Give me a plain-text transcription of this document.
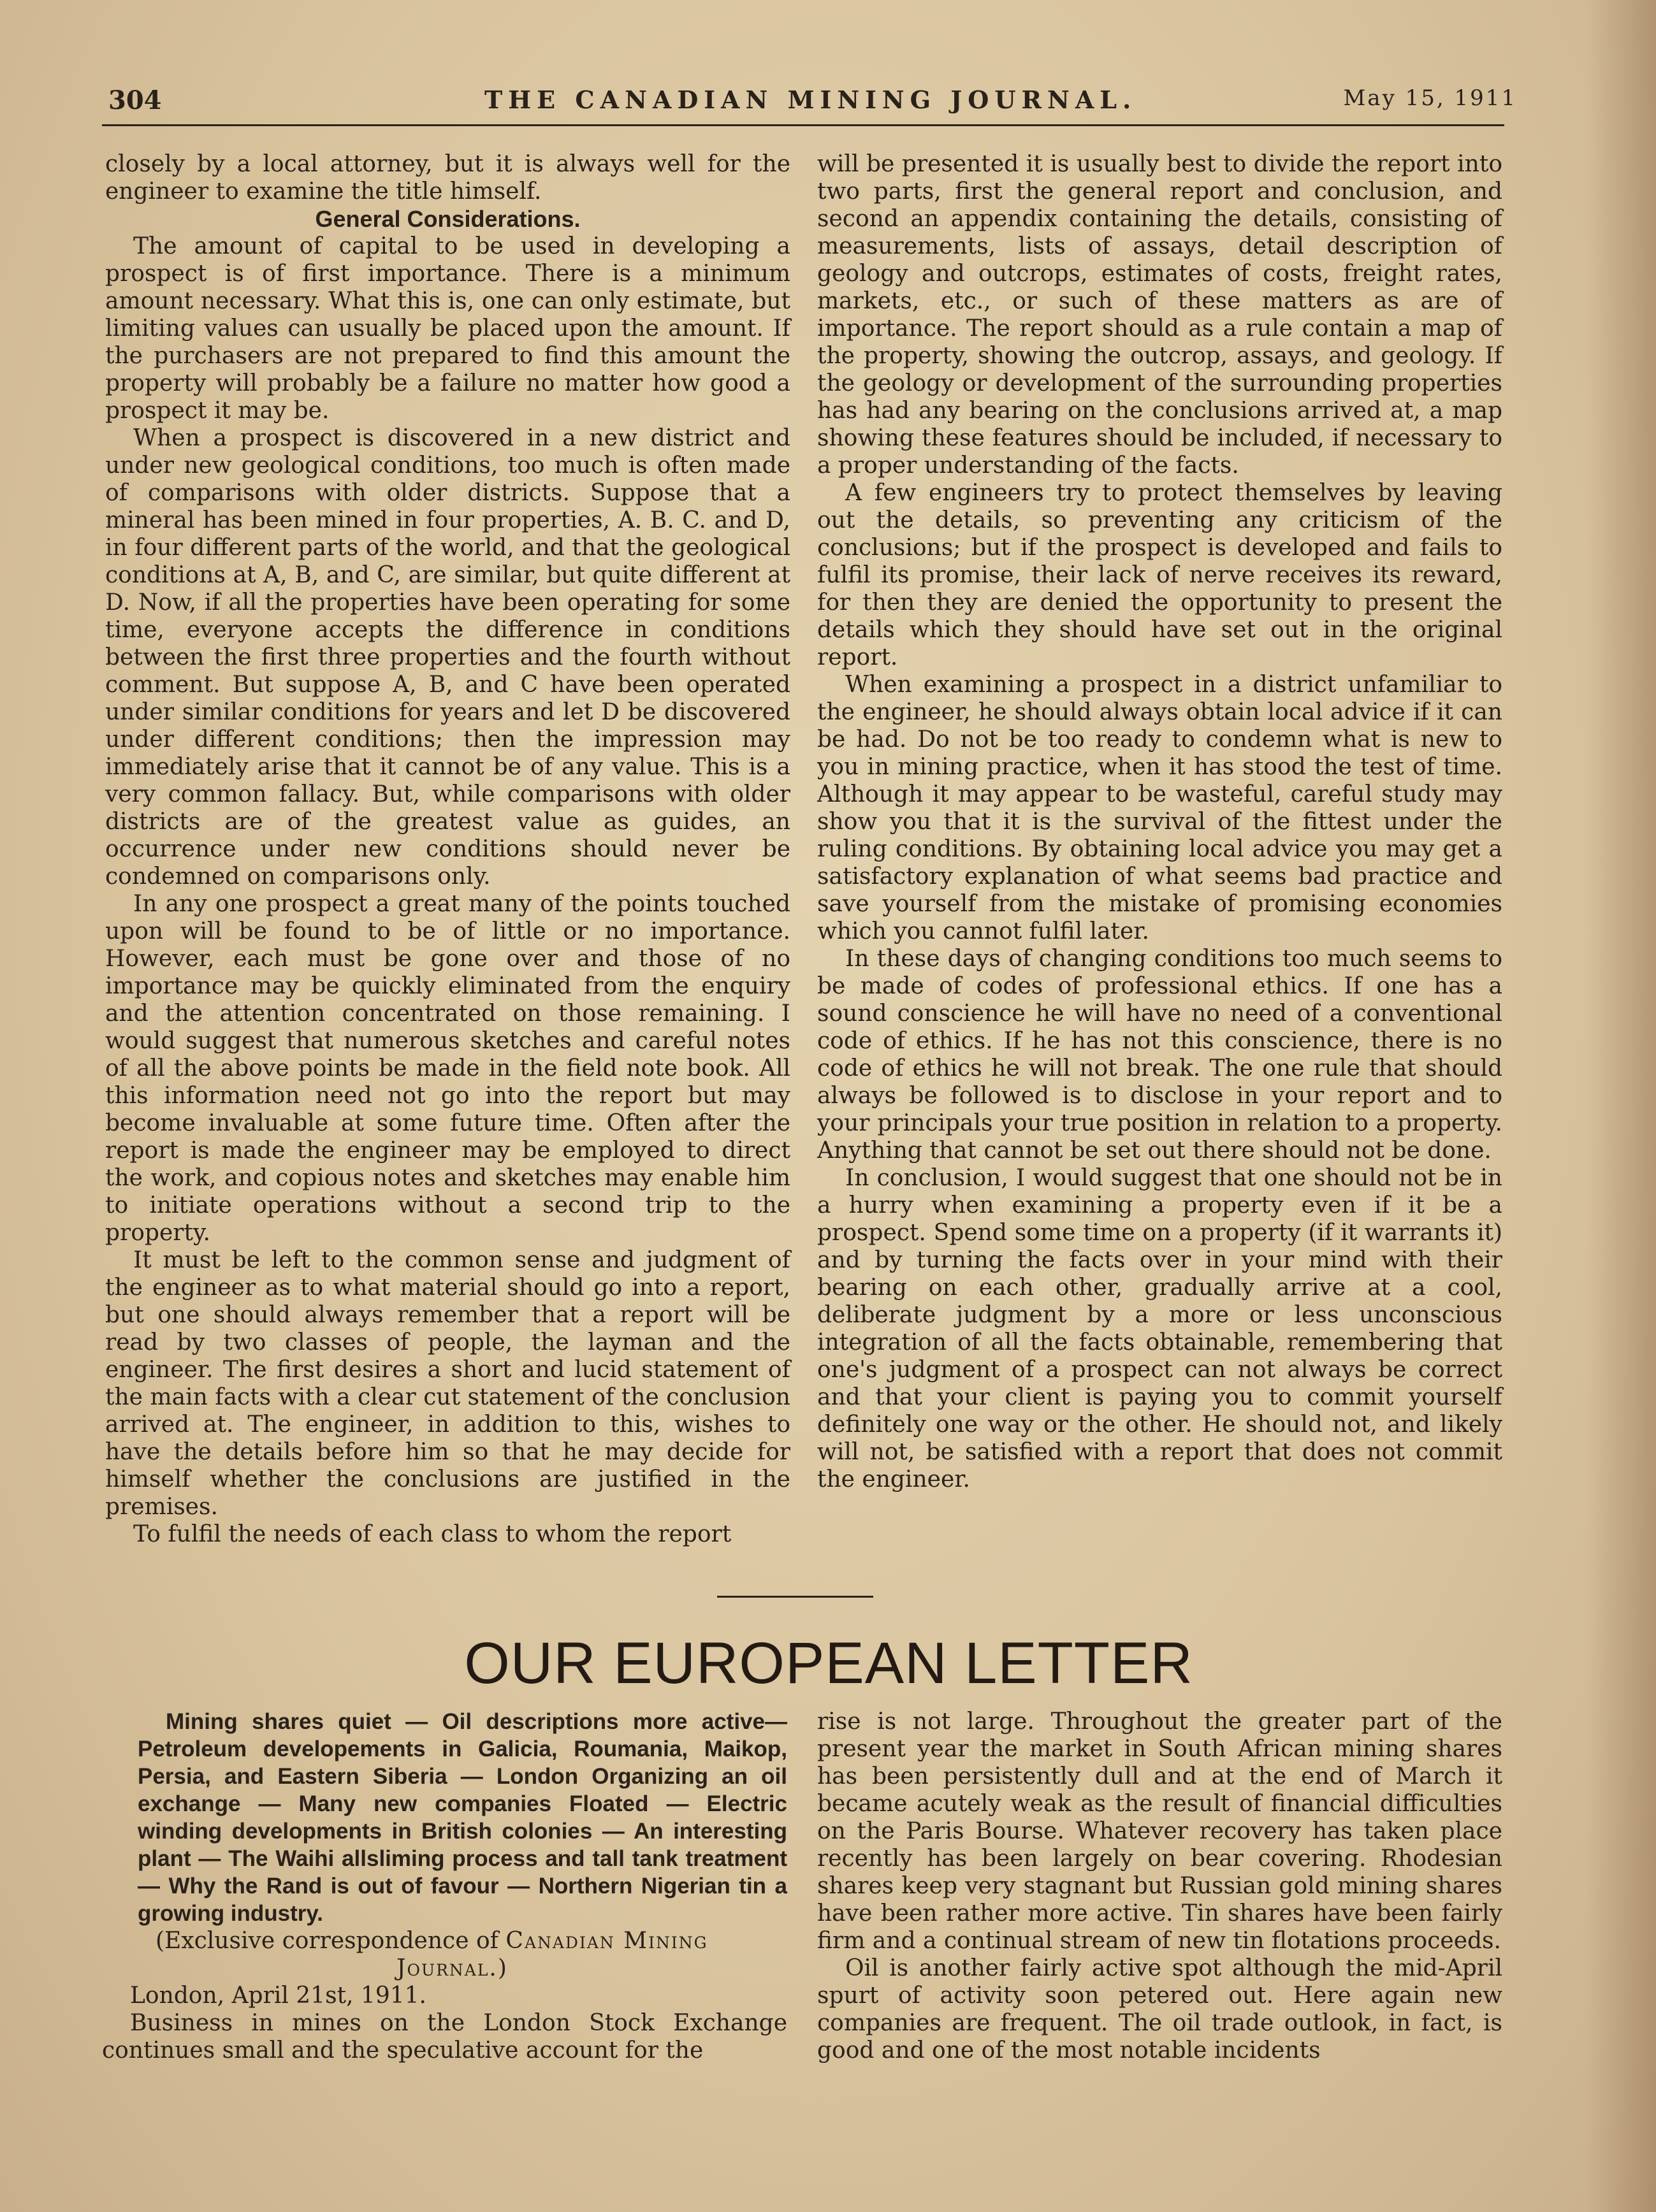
304	THE CANADIAN MINING JOURNAL.	May 15, 1911

closely by a local attorney, but it is always well for the engineer to examine the title himself.

General Considerations.

The amount of capital to be used in developing a prospect is of first importance. There is a minimum amount necessary. What this is, one can only estimate, but limiting values can usually be placed upon the amount. If the purchasers are not prepared to find this amount the property will probably be a failure no matter how good a prospect it may be.

When a prospect is discovered in a new district and under new geological conditions, too much is often made of comparisons with older districts. Suppose that a mineral has been mined in four properties, A. B. C. and D, in four different parts of the world, and that the geological conditions at A, B, and C, are similar, but quite different at D. Now, if all the properties have been operating for some time, everyone accepts the difference in conditions between the first three properties and the fourth without comment. But suppose A, B, and C have been operated under similar conditions for years and let D be discovered under different conditions; then the impression may immediately arise that it cannot be of any value. This is a very common fallacy. But, while comparisons with older districts are of the greatest value as guides, an occurrence under new conditions should never be condemned on comparisons only.

In any one prospect a great many of the points touched upon will be found to be of little or no importance. However, each must be gone over and those of no importance may be quickly eliminated from the enquiry and the attention concentrated on those remaining. I would suggest that numerous sketches and careful notes of all the above points be made in the field note book. All this information need not go into the report but may become invaluable at some future time. Often after the report is made the engineer may be employed to direct the work, and copious notes and sketches may enable him to initiate operations without a second trip to the property.

It must be left to the common sense and judgment of the engineer as to what material should go into a report, but one should always remember that a report will be read by two classes of people, the layman and the engineer. The first desires a short and lucid statement of the main facts with a clear cut statement of the conclusion arrived at. The engineer, in addition to this, wishes to have the details before him so that he may decide for himself whether the conclusions are justified in the premises.

To fulfil the needs of each class to whom the report

will be presented it is usually best to divide the report into two parts, first the general report and conclusion, and second an appendix containing the details, consisting of measurements, lists of assays, detail description of geology and outcrops, estimates of costs, freight rates, markets, etc., or such of these matters as are of importance. The report should as a rule contain a map of the property, showing the outcrop, assays, and geology. If the geology or development of the surrounding properties has had any bearing on the conclusions arrived at, a map showing these features should be included, if necessary to a proper understanding of the facts.

A few engineers try to protect themselves by leaving out the details, so preventing any criticism of the conclusions; but if the prospect is developed and fails to fulfil its promise, their lack of nerve receives its reward, for then they are denied the opportunity to present the details which they should have set out in the original report.

When examining a prospect in a district unfamiliar to the engineer, he should always obtain local advice if it can be had. Do not be too ready to condemn what is new to you in mining practice, when it has stood the test of time. Although it may appear to be wasteful, careful study may show you that it is the survival of the fittest under the ruling conditions. By obtaining local advice you may get a satisfactory explanation of what seems bad practice and save yourself from the mistake of promising economies which you cannot fulfil later.

In these days of changing conditions too much seems to be made of codes of professional ethics. If one has a sound conscience he will have no need of a conventional code of ethics. If he has not this conscience, there is no code of ethics he will not break. The one rule that should always be followed is to disclose in your report and to your principals your true position in relation to a property. Anything that cannot be set out there should not be done.

In conclusion, I would suggest that one should not be in a hurry when examining a property even if it be a prospect. Spend some time on a property (if it warrants it) and by turning the facts over in your mind with their bearing on each other, gradually arrive at a cool, deliberate judgment by a more or less unconscious integration of all the facts obtainable, remembering that one's judgment of a prospect can not always be correct and that your client is paying you to commit yourself definitely one way or the other. He should not, and likely will not, be satisfied with a report that does not commit the engineer.

OUR EUROPEAN LETTER

Mining shares quiet — Oil descriptions more active— Petroleum developements in Galicia, Roumania, Maikop, Persia, and Eastern Siberia — London Organizing an oil exchange — Many new companies Floated — Electric winding developments in British colonies — An interesting plant — The Waihi allsliming process and tall tank treatment — Why the Rand is out of favour — Northern Nigerian tin a growing industry.

(Exclusive correspondence of Canadian Mining
Journal.)

London, April 21st, 1911.

Business in mines on the London Stock Exchange continues small and the speculative account for the

rise is not large. Throughout the greater part of the present year the market in South African mining shares has been persistently dull and at the end of March it became acutely weak as the result of financial difficulties on the Paris Bourse. Whatever recovery has taken place recently has been largely on bear covering. Rhodesian shares keep very stagnant but Russian gold mining shares have been rather more active. Tin shares have been fairly firm and a continual stream of new tin flotations proceeds.

Oil is another fairly active spot although the mid-April spurt of activity soon petered out. Here again new companies are frequent. The oil trade outlook, in fact, is good and one of the most notable incidents
